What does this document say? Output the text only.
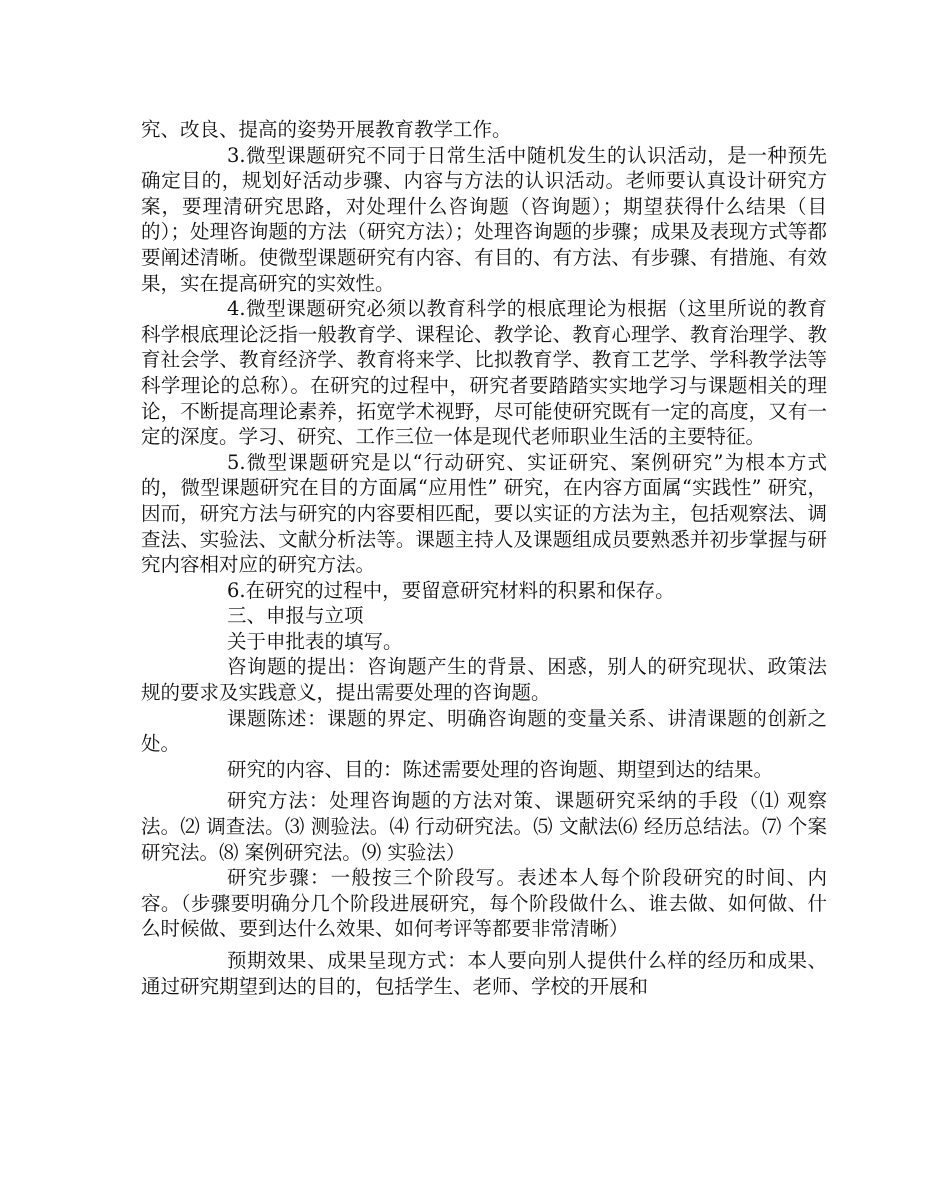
究、改良、提高的姿势开展教育教学工作。

3.微型课题研究不同于日常生活中随机发生的认识活动，是一种预先确定目的，规划好活动步骤、内容与方法的认识活动。老师要认真设计研究方案，要理清研究思路，对处理什么咨询题（咨询题）；期望获得什么结果（目的）；处理咨询题的方法（研究方法）；处理咨询题的步骤；成果及表现方式等都要阐述清晰。使微型课题研究有内容、有目的、有方法、有步骤、有措施、有效果，实在提高研究的实效性。

4.微型课题研究必须以教育科学的根底理论为根据（这里所说的教育科学根底理论泛指一般教育学、课程论、教学论、教育心理学、教育治理学、教育社会学、教育经济学、教育将来学、比拟教育学、教育工艺学、学科教学法等科学理论的总称）。在研究的过程中，研究者要踏踏实实地学习与课题相关的理论，不断提高理论素养，拓宽学术视野，尽可能使研究既有一定的高度，又有一定的深度。学习、研究、工作三位一体是现代老师职业生活的主要特征。

5.微型课题研究是以“行动研究、实证研究、案例研究”为根本方式的，微型课题研究在目的方面属“应用性” 研究，在内容方面属“实践性” 研究，因而，研究方法与研究的内容要相匹配，要以实证的方法为主，包括观察法、调查法、实验法、文献分析法等。课题主持人及课题组成员要熟悉并初步掌握与研究内容相对应的研究方法。

6.在研究的过程中，要留意研究材料的积累和保存。

三、申报与立项

关于申批表的填写。

咨询题的提出：咨询题产生的背景、困惑，别人的研究现状、政策法规的要求及实践意义，提出需要处理的咨询题。

课题陈述：课题的界定、明确咨询题的变量关系、讲清课题的创新之处。

研究的内容、目的：陈述需要处理的咨询题、期望到达的结果。

研究方法：处理咨询题的方法对策、课题研究采纳的手段（⑴ 观察法。⑵ 调查法。⑶ 测验法。⑷ 行动研究法。⑸ 文献法⑹ 经历总结法。⑺ 个案研究法。⑻ 案例研究法。⑼ 实验法）

研究步骤：一般按三个阶段写。表述本人每个阶段研究的时间、内容。（步骤要明确分几个阶段进展研究，每个阶段做什么、谁去做、如何做、什么时候做、要到达什么效果、如何考评等都要非常清晰）

预期效果、成果呈现方式：本人要向别人提供什么样的经历和成果、通过研究期望到达的目的，包括学生、老师、学校的开展和
